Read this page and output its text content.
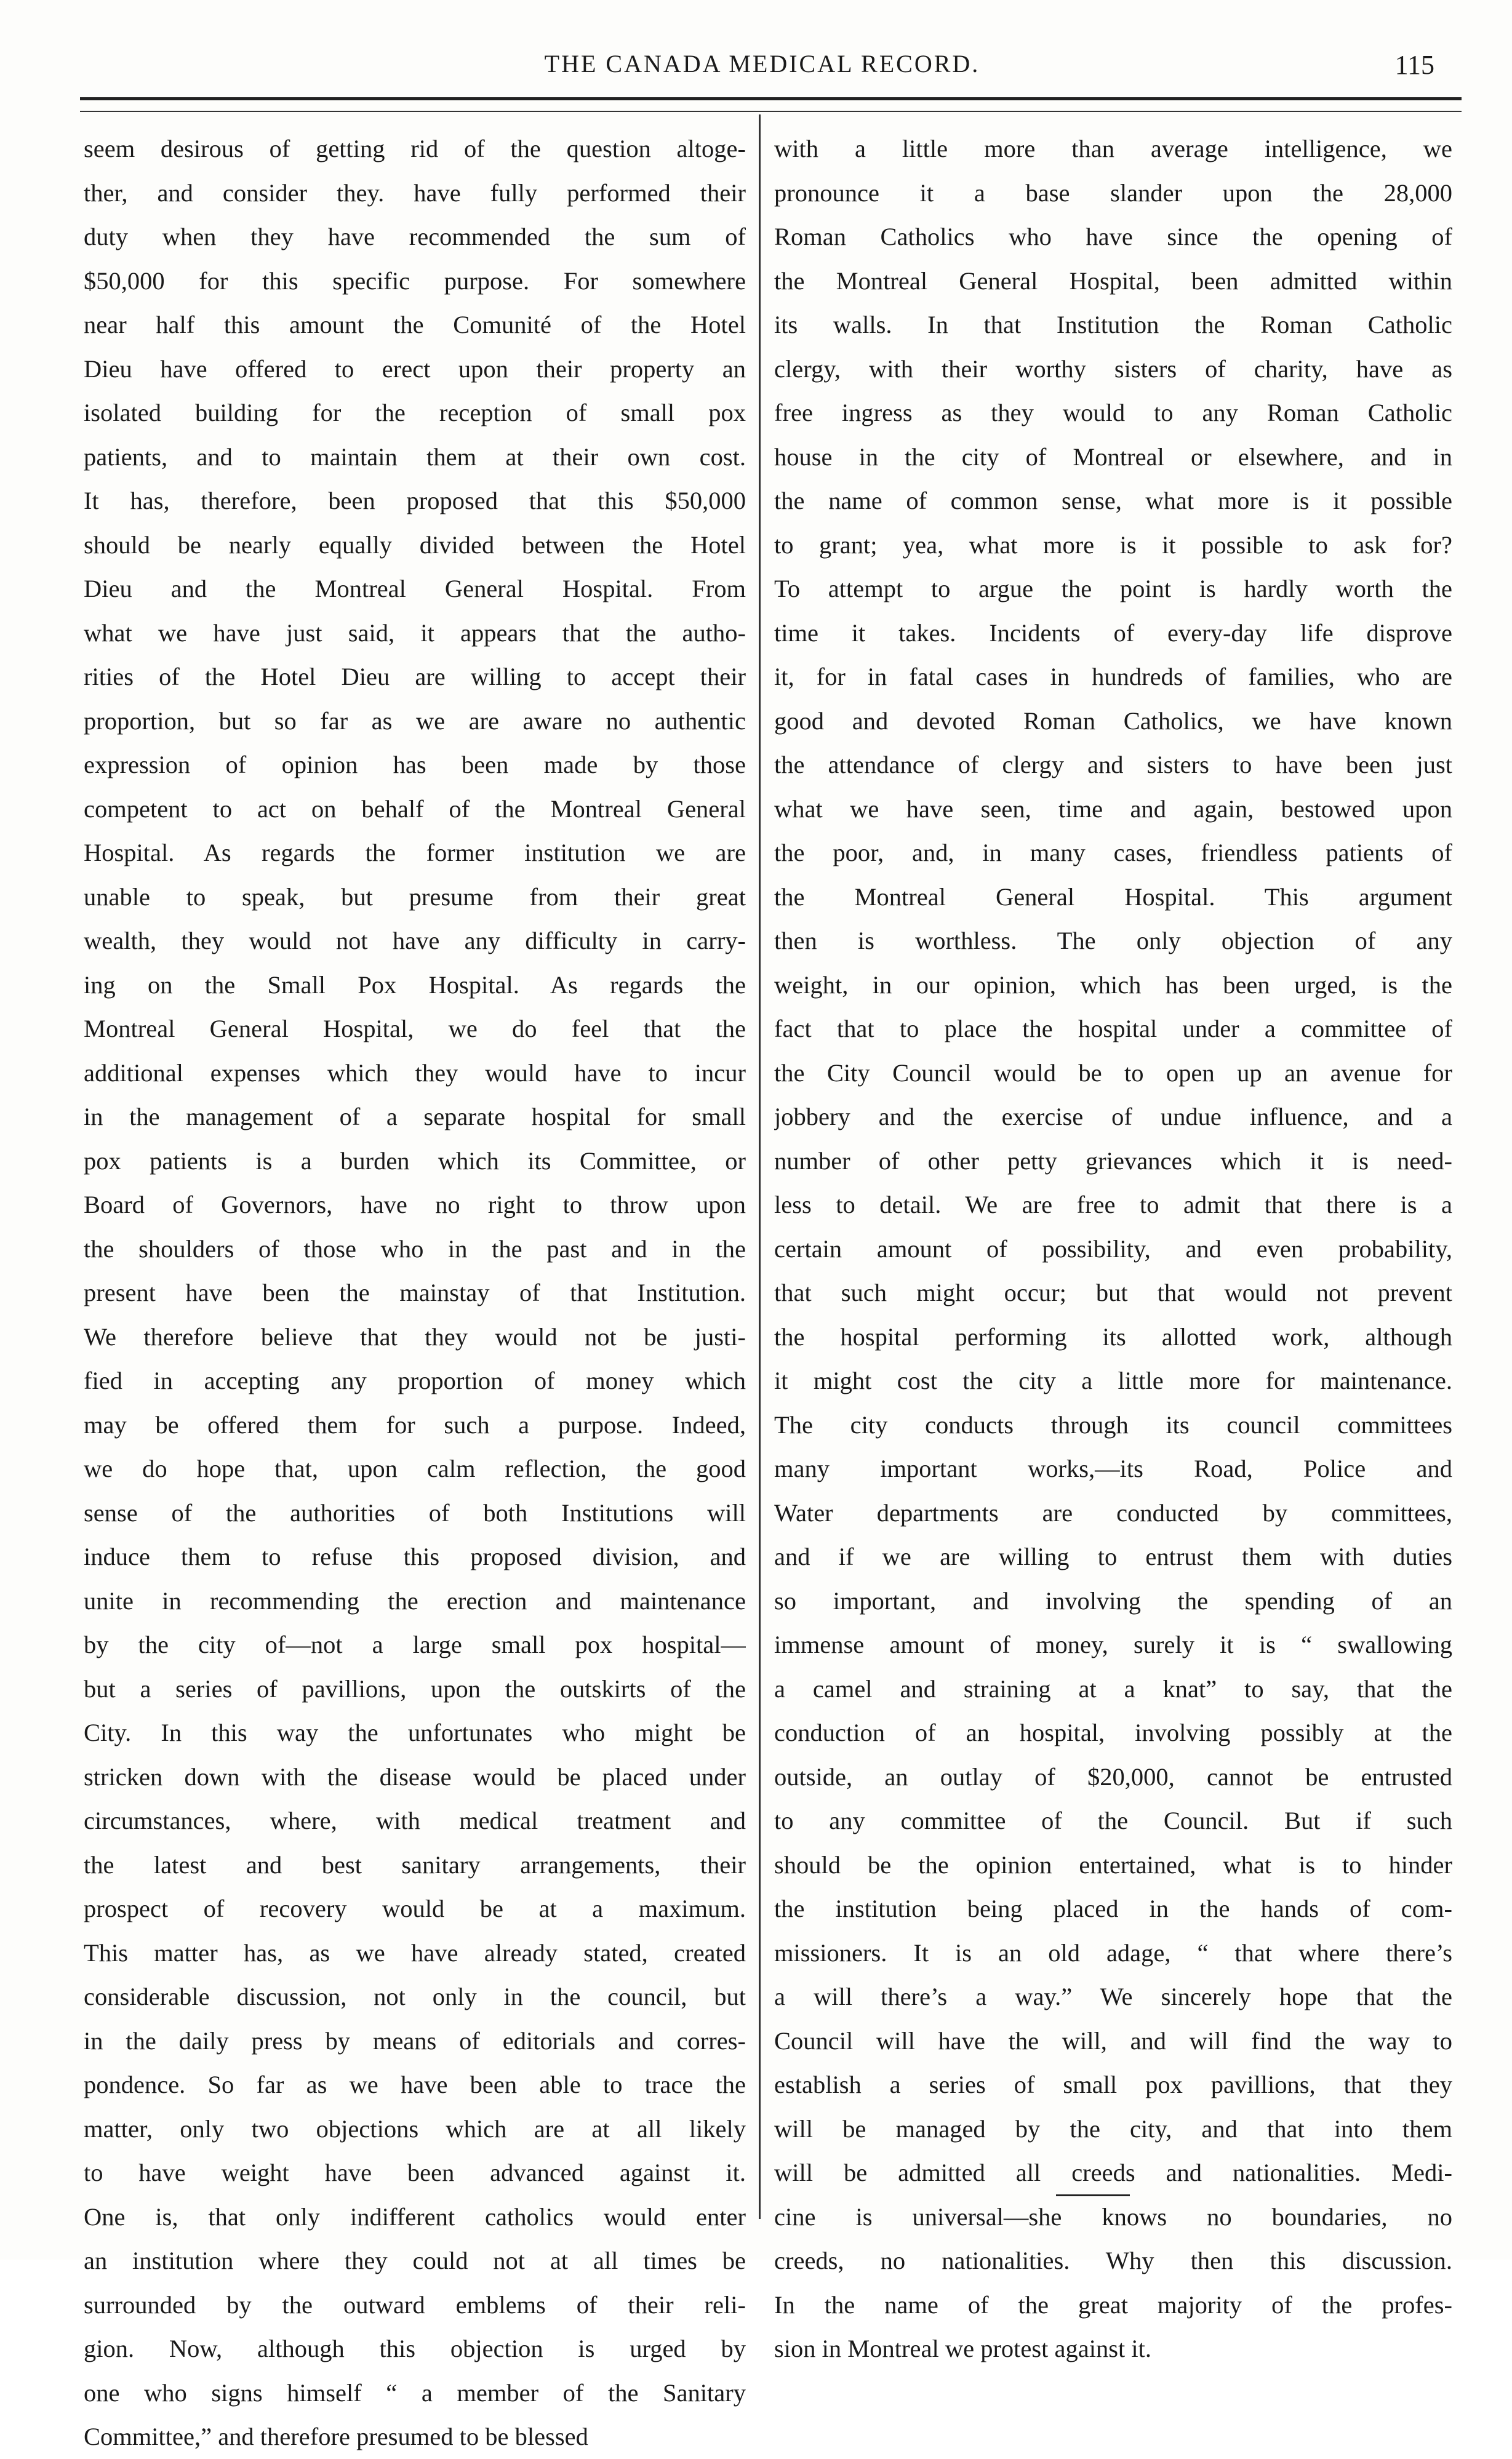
THE CANADA MEDICAL RECORD.	115
seem desirous of getting rid of the question altoge-
ther, and consider they. have fully performed their
duty when they have recommended the sum of
$50,000 for this specific purpose. For somewhere
near half this amount the Comunité of the Hotel
Dieu have offered to erect upon their property an
isolated building for the reception of small pox
patients, and to maintain them at their own cost.
It has, therefore, been proposed that this $50,000
should be nearly equally divided between the Hotel
Dieu and the Montreal General Hospital. From
what we have just said, it appears that the autho-
rities of the Hotel Dieu are willing to accept their
proportion, but so far as we are aware no authentic
expression of opinion has been made by those
competent to act on behalf of the Montreal General
Hospital. As regards the former institution we are
unable to speak, but presume from their great
wealth, they would not have any difficulty in carry-
ing on the Small Pox Hospital. As regards the
Montreal General Hospital, we do feel that the
additional expenses which they would have to incur
in the management of a separate hospital for small
pox patients is a burden which its Committee, or
Board of Governors, have no right to throw upon
the shoulders of those who in the past and in the
present have been the mainstay of that Institution.
We therefore believe that they would not be justi-
fied in accepting any proportion of money which
may be offered them for such a purpose. Indeed,
we do hope that, upon calm reflection, the good
sense of the authorities of both Institutions will
induce them to refuse this proposed division, and
unite in recommending the erection and maintenance
by the city of—not a large small pox hospital—
but a series of pavillions, upon the outskirts of the
City. In this way the unfortunates who might be
stricken down with the disease would be placed under
circumstances, where, with medical treatment and
the latest and best sanitary arrangements, their
prospect of recovery would be at a maximum.
This matter has, as we have already stated, created
considerable discussion, not only in the council, but
in the daily press by means of editorials and corres-
pondence. So far as we have been able to trace the
matter, only two objections which are at all likely
to have weight have been advanced against it.
One is, that only indifferent catholics would enter
an institution where they could not at all times be
surrounded by the outward emblems of their reli-
gion. Now, although this objection is urged by
one who signs himself “ a member of the Sanitary
Committee,” and therefore presumed to be blessed
with a little more than average intelligence, we
pronounce it a base slander upon the 28,000
Roman Catholics who have since the opening of
the Montreal General Hospital, been admitted within
its walls. In that Institution the Roman Catholic
clergy, with their worthy sisters of charity, have as
free ingress as they would to any Roman Catholic
house in the city of Montreal or elsewhere, and in
the name of common sense, what more is it possible
to grant; yea, what more is it possible to ask for?
To attempt to argue the point is hardly worth the
time it takes. Incidents of every-day life disprove
it, for in fatal cases in hundreds of families, who are
good and devoted Roman Catholics, we have known
the attendance of clergy and sisters to have been just
what we have seen, time and again, bestowed upon
the poor, and, in many cases, friendless patients of
the Montreal General Hospital. This argument
then is worthless. The only objection of any
weight, in our opinion, which has been urged, is the
fact that to place the hospital under a committee of
the City Council would be to open up an avenue for
jobbery and the exercise of undue influence, and a
number of other petty grievances which it is need-
less to detail. We are free to admit that there is a
certain amount of possibility, and even probability,
that such might occur; but that would not prevent
the hospital performing its allotted work, although
it might cost the city a little more for maintenance.
The city conducts through its council committees
many important works,—its Road, Police and
Water departments are conducted by committees,
and if we are willing to entrust them with duties
so important, and involving the spending of an
immense amount of money, surely it is “ swallowing
a camel and straining at a knat” to say, that the
conduction of an hospital, involving possibly at the
outside, an outlay of $20,000, cannot be entrusted
to any committee of the Council. But if such
should be the opinion entertained, what is to hinder
the institution being placed in the hands of com-
missioners. It is an old adage, “ that where there’s
a will there’s a way.” We sincerely hope that the
Council will have the will, and will find the way to
establish a series of small pox pavillions, that they
will be managed by the city, and that into them
will be admitted all creeds and nationalities. Medi-
cine is universal—she knows no boundaries, no
creeds, no nationalities. Why then this discussion.
In the name of the great majority of the profes-
sion in Montreal we protest against it.
